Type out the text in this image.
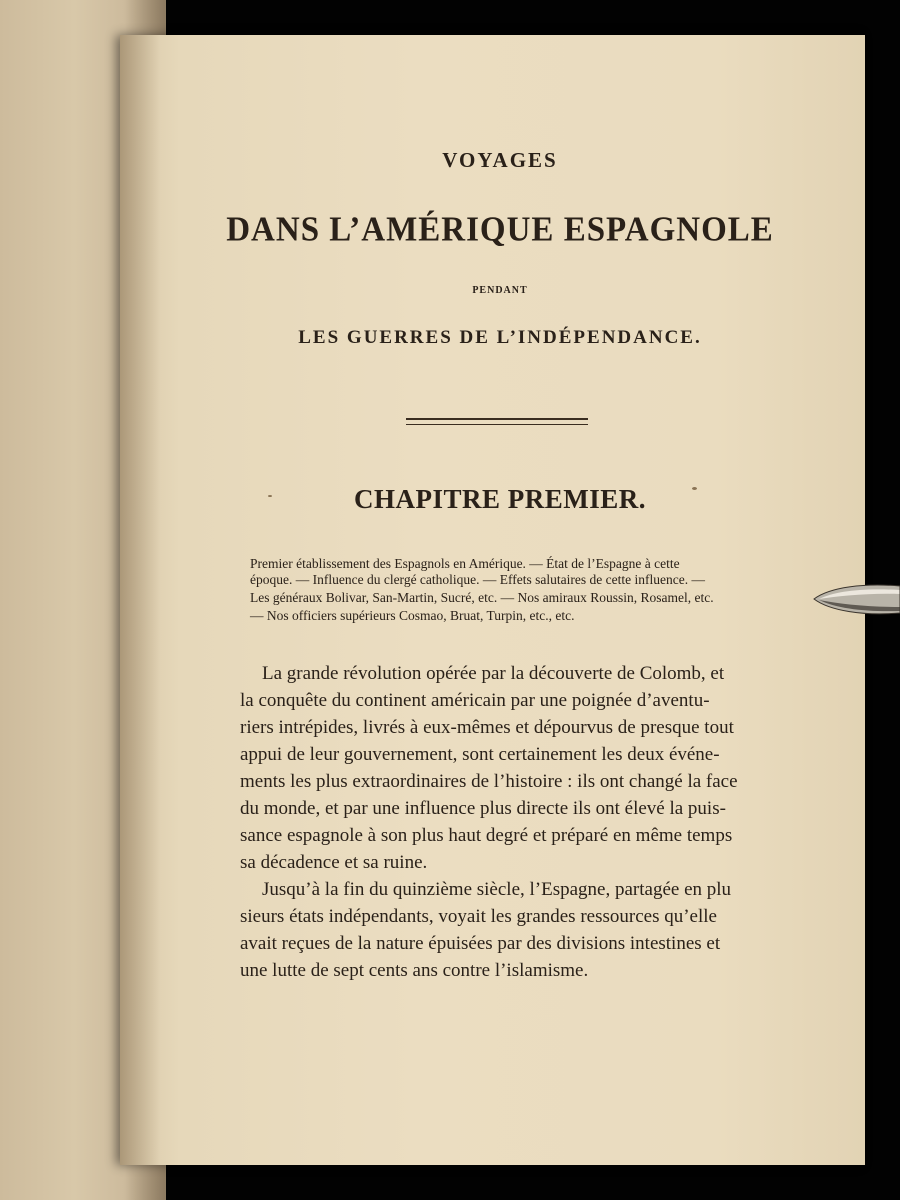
VOYAGES
DANS L’AMÉRIQUE ESPAGNOLE
PENDANT
LES GUERRES DE L’INDÉPENDANCE.
CHAPITRE PREMIER.
Premier établissement des Espagnols en Amérique. — État de l’Espagne à cette
époque. — Influence du clergé catholique. — Effets salutaires de cette influence. —
Les généraux Bolivar, San-Martin, Sucré, etc. — Nos amiraux Roussin, Rosamel, etc.
— Nos officiers supérieurs Cosmao, Bruat, Turpin, etc., etc.
La grande révolution opérée par la découverte de Colomb, et
la conquête du continent américain par une poignée d’aventu-
riers intrépides, livrés à eux-mêmes et dépourvus de presque tout
appui de leur gouvernement, sont certainement les deux événe-
ments les plus extraordinaires de l’histoire : ils ont changé la face
du monde, et par une influence plus directe ils ont élevé la puis-
sance espagnole à son plus haut degré et préparé en même temps
sa décadence et sa ruine.
Jusqu’à la fin du quinzième siècle, l’Espagne, partagée en plu
sieurs états indépendants, voyait les grandes ressources qu’elle
avait reçues de la nature épuisées par des divisions intestines et
une lutte de sept cents ans contre l’islamisme.
